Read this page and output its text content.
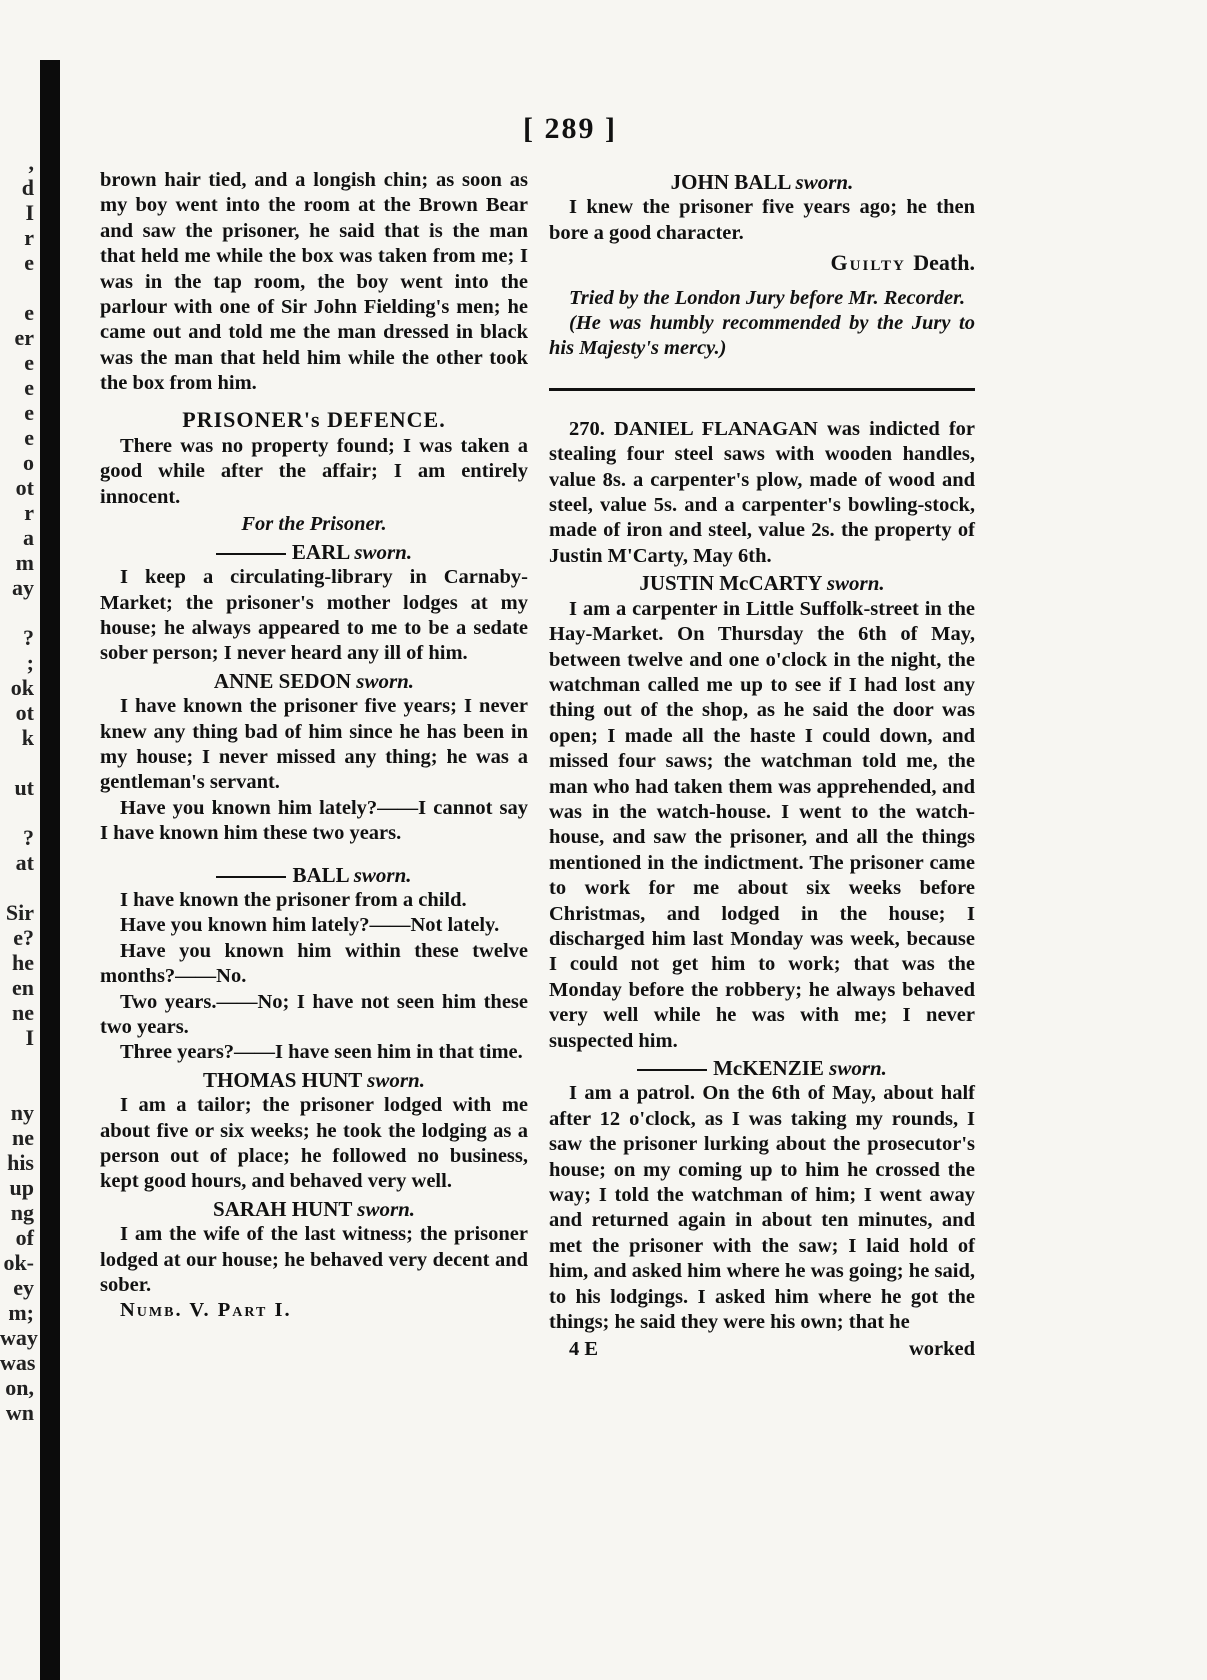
,
d
I
r
e
e
er
e
e
e
e
o
ot
r
a
m
ay
?
;
ok
ot
k
ut
?
at
Sir
e?
he
en
ne
I
ny
ne
his
up
ng
of
ok-
ey
m;
way
was
on,
wn
[ 289 ]

brown hair tied, and a longish chin; as soon as my boy went into the room at the Brown Bear and saw the prisoner, he said that is the man that held me while the box was taken from me; I was in the tap room, the boy went into the parlour with one of Sir John Fielding's men; he came out and told me the man dressed in black was the man that held him while the other took the box from him.

PRISONER's DEFENCE.

There was no property found; I was taken a good while after the affair; I am entirely innocent.

For the Prisoner.
EARL sworn.

I keep a circulating-library in Carnaby-Market; the prisoner's mother lodges at my house; he always appeared to me to be a sedate sober person; I never heard any ill of him.

ANNE SEDON sworn.

I have known the prisoner five years; I never knew any thing bad of him since he has been in my house; I never missed any thing; he was a gentleman's servant.

Have you known him lately?——I cannot say I have known him these two years.

BALL sworn.

I have known the prisoner from a child.

Have you known him lately?——Not lately.

Have you known him within these twelve months?——No.

Two years.——No; I have not seen him these two years.

Three years?——I have seen him in that time.

THOMAS HUNT sworn.

I am a tailor; the prisoner lodged with me about five or six weeks; he took the lodging as a person out of place; he followed no business, kept good hours, and behaved very well.

SARAH HUNT sworn.

I am the wife of the last witness; the prisoner lodged at our house; he behaved very decent and sober.

Numb. V. Part I.

JOHN BALL sworn.

I knew the prisoner five years ago; he then bore a good character.

Guilty Death.

Tried by the London Jury before Mr. Recorder.

(He was humbly recommended by the Jury to his Majesty's mercy.)

270. DANIEL FLANAGAN was indicted for stealing four steel saws with wooden handles, value 8s. a carpenter's plow, made of wood and steel, value 5s. and a carpenter's bowling-stock, made of iron and steel, value 2s. the property of Justin M'Carty, May 6th.

JUSTIN McCARTY sworn.

I am a carpenter in Little Suffolk-street in the Hay-Market. On Thursday the 6th of May, between twelve and one o'clock in the night, the watchman called me up to see if I had lost any thing out of the shop, as he said the door was open; I made all the haste I could down, and missed four saws; the watchman told me, the man who had taken them was apprehended, and was in the watch-house. I went to the watch-house, and saw the prisoner, and all the things mentioned in the indictment. The prisoner came to work for me about six weeks before Christmas, and lodged in the house; I discharged him last Monday was week, because I could not get him to work; that was the Monday before the robbery; he always behaved very well while he was with me; I never suspected him.

McKENZIE sworn.

I am a patrol. On the 6th of May, about half after 12 o'clock, as I was taking my rounds, I saw the prisoner lurking about the prosecutor's house; on my coming up to him he crossed the way; I told the watchman of him; I went away and returned again in about ten minutes, and met the prisoner with the saw; I laid hold of him, and asked him where he was going; he said, to his lodgings. I asked him where he got the things; he said they were his own; that he

4 E	worked
